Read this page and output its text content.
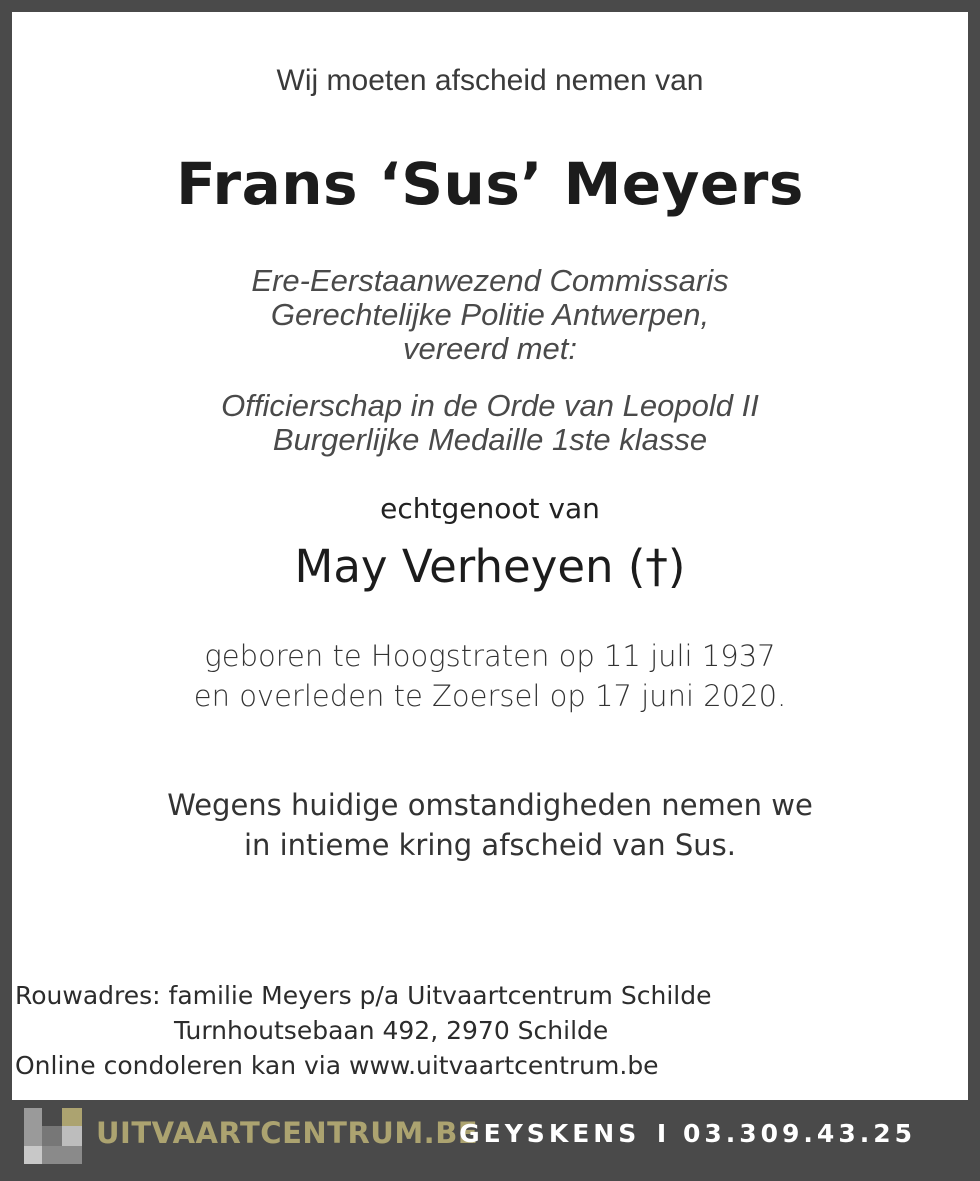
Wij moeten afscheid nemen van
Frans ‘Sus’ Meyers
Ere-Eerstaanwezend Commissaris
Gerechtelijke Politie Antwerpen,
vereerd met:
Officierschap in de Orde van Leopold II
Burgerlijke Medaille 1ste klasse
echtgenoot van
May Verheyen (†)
geboren te Hoogstraten op 11 juli 1937
en overleden te Zoersel op 17 juni 2020.
Wegens huidige omstandigheden nemen we
in intieme kring afscheid van Sus.
Rouwadres: familie Meyers p/a Uitvaartcentrum Schilde
Turnhoutsebaan 492, 2970 Schilde
Online condoleren kan via www.uitvaartcentrum.be
UITVAARTCENTRUM.BE
GEYSKENS I 03.309.43.25
